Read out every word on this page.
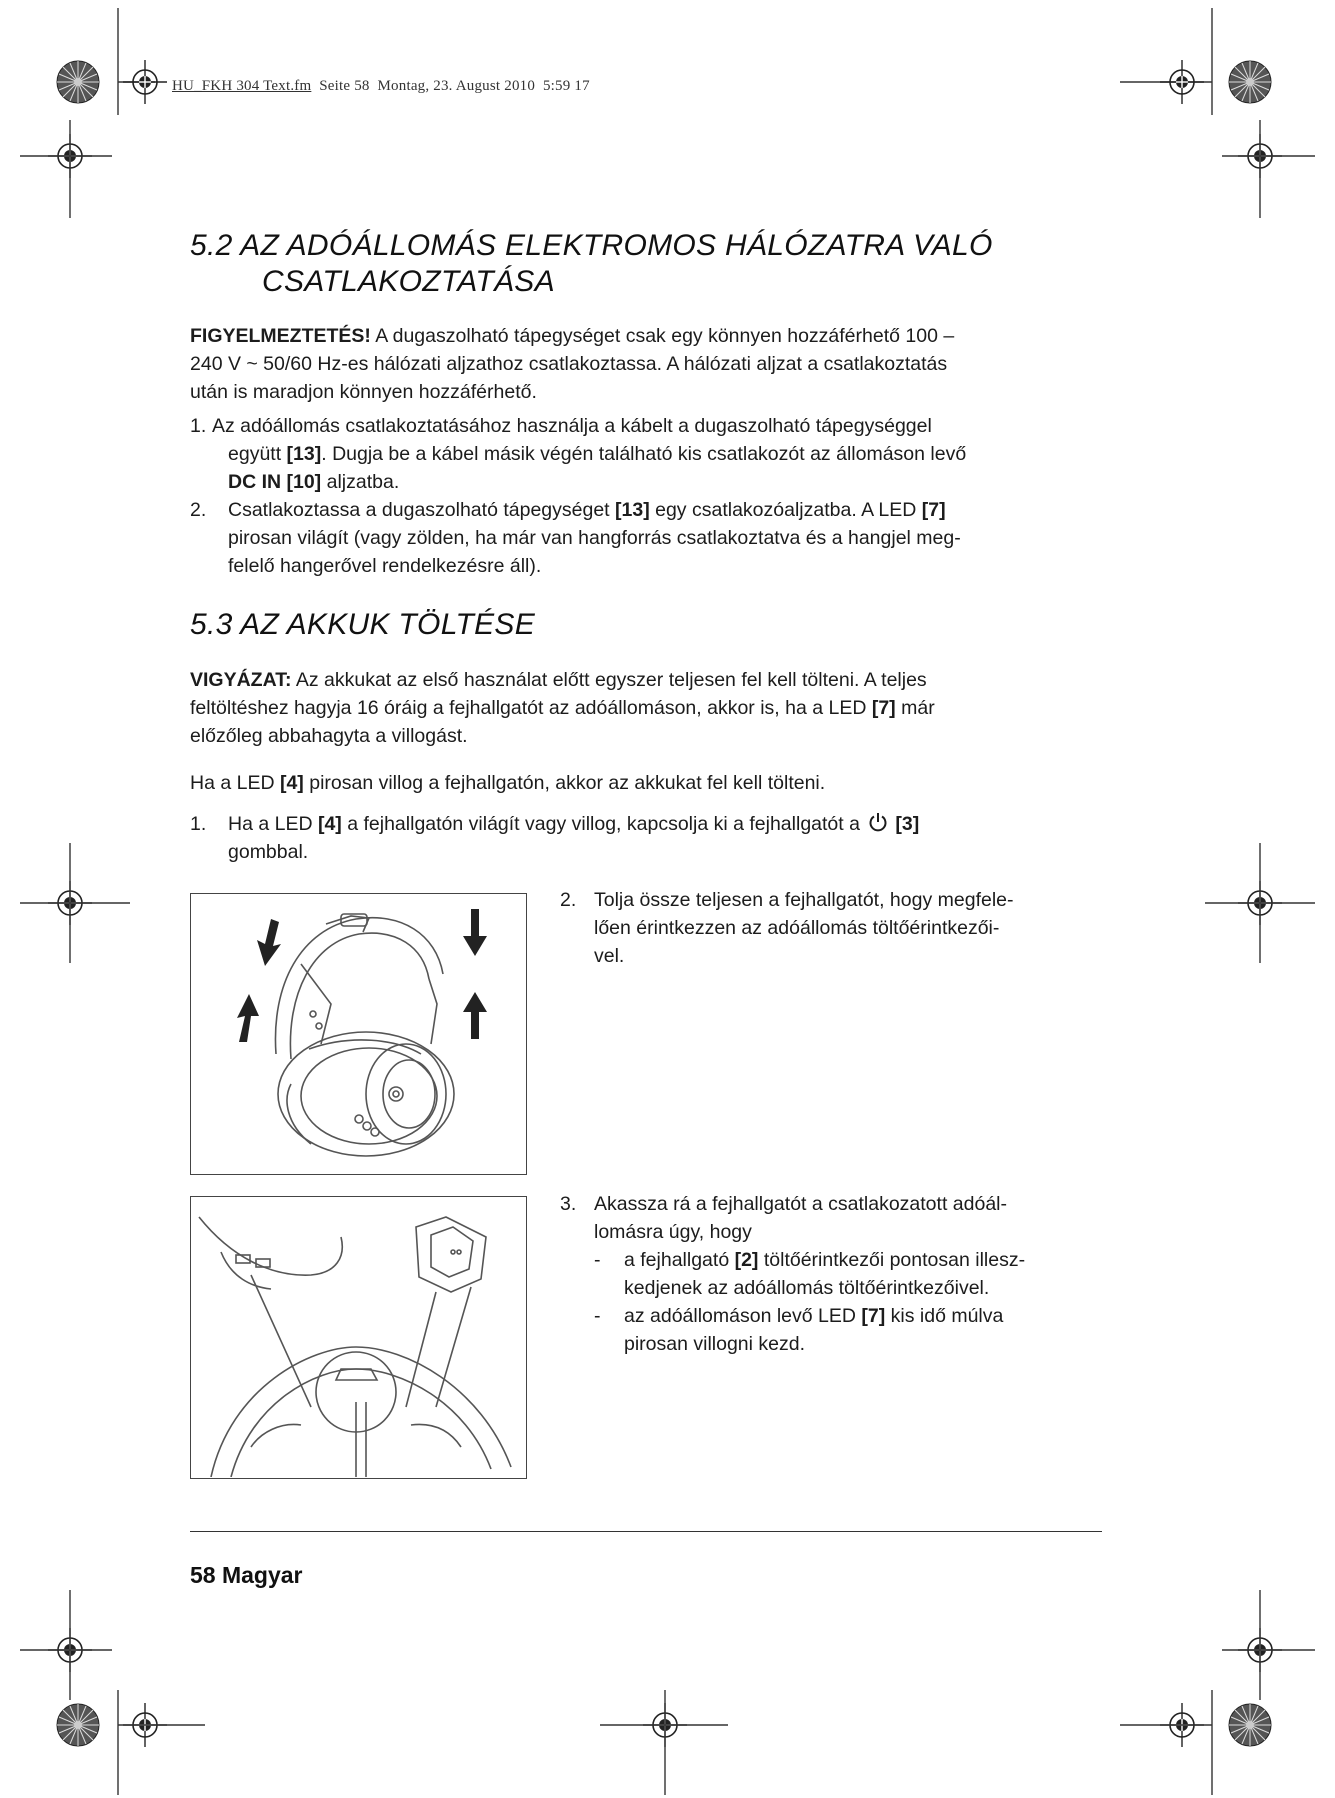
HU_FKH 304 Text.fm Seite 58 Montag, 23. August 2010 5:59 17
5.2 AZ ADÓÁLLOMÁS ELEKTROMOS HÁLÓZATRA VALÓ
CSATLAKOZTATÁSA
FIGYELMEZTETÉS! A dugaszolható tápegységet csak egy könnyen hozzáférhető 100 –
240 V ~ 50/60 Hz-es hálózati aljzathoz csatlakoztassa. A hálózati aljzat a csatlakoztatás
után is maradjon könnyen hozzáférhető.
1. Az adóállomás csatlakoztatásához használja a kábelt a dugaszolható tápegységgel
együtt [13]. Dugja be a kábel másik végén található kis csatlakozót az állomáson levő
DC IN [10] aljzatba.
2. Csatlakoztassa a dugaszolható tápegységet [13] egy csatlakozóaljzatba. A LED [7]
pirosan világít (vagy zölden, ha már van hangforrás csatlakoztatva és a hangjel meg-
felelő hangerővel rendelkezésre áll).
5.3 AZ AKKUK TÖLTÉSE
VIGYÁZAT: Az akkukat az első használat előtt egyszer teljesen fel kell tölteni. A teljes
feltöltéshez hagyja 16 óráig a fejhallgatót az adóállomáson, akkor is, ha a LED [7] már
előzőleg abbahagyta a villogást.
Ha a LED [4] pirosan villog a fejhallgatón, akkor az akkukat fel kell tölteni.
1. Ha a LED [4] a fejhallgatón világít vagy villog, kapcsolja ki a fejhallgatót a [3]
gombbal.
2. Tolja össze teljesen a fejhallgatót, hogy megfele-
lően érintkezzen az adóállomás töltőérintkezői-
vel.
3. Akassza rá a fejhallgatót a csatlakozatott adóál-
lomásra úgy, hogy
- a fejhallgató [2] töltőérintkezői pontosan illesz-
kedjenek az adóállomás töltőérintkezőivel.
- az adóállomáson levő LED [7] kis idő múlva
pirosan villogni kezd.
58 Magyar
